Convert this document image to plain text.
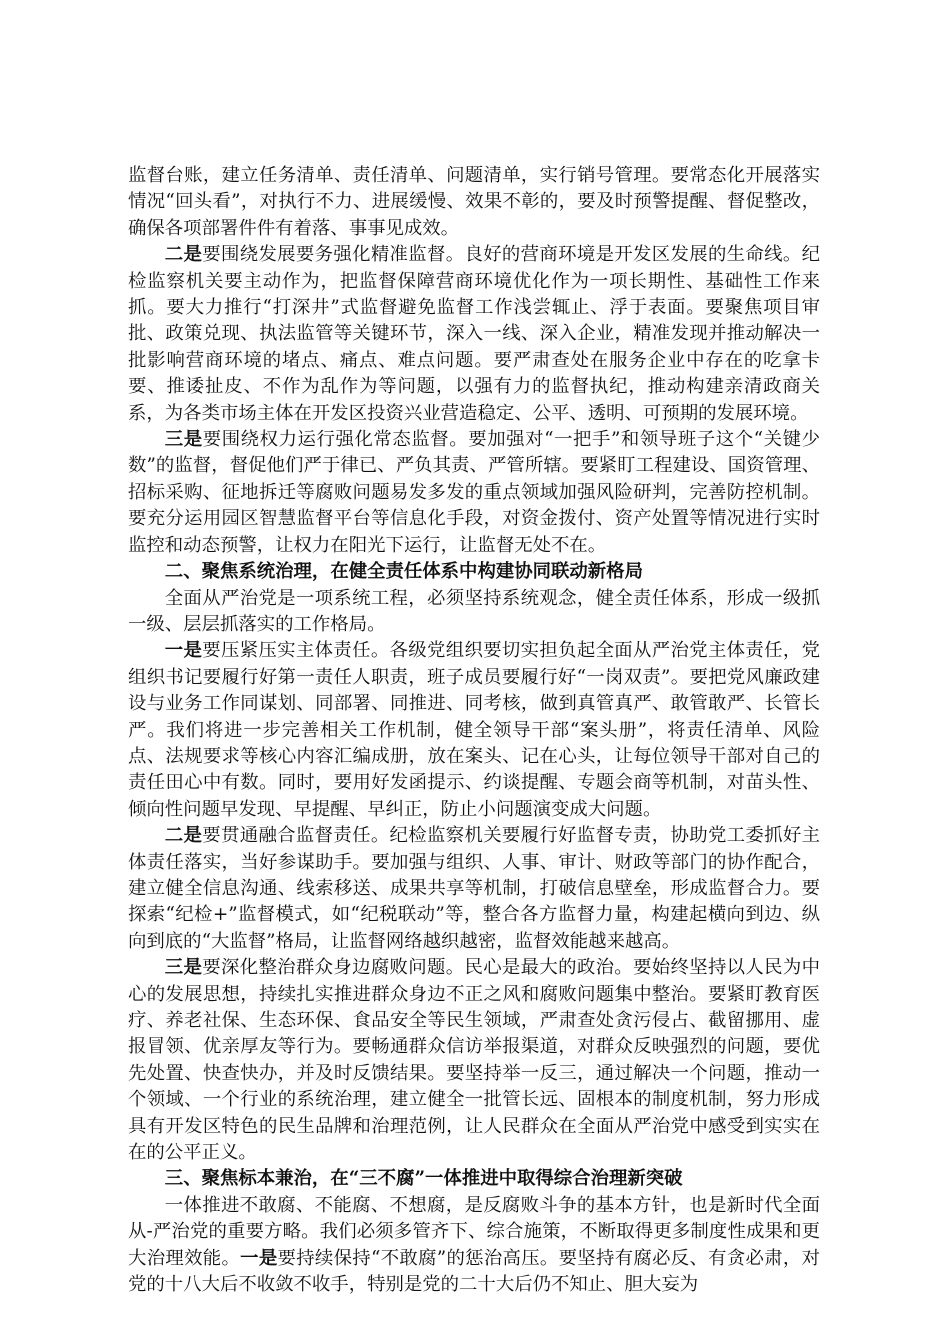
监督台账，建立任务清单、责任清单、问题清单，实行销号管理。要常态化开展落实情况“回头看”，对执行不力、进展缓慢、效果不彰的，要及时预警提醒、督促整改，确保各项部署件件有着落、事事见成效。

二是要围绕发展要务强化精准监督。良好的营商环境是开发区发展的生命线。纪检监察机关要主动作为，把监督保障营商环境优化作为一项长期性、基础性工作来抓。要大力推行“打深井”式监督避免监督工作浅尝辄止、浮于表面。要聚焦项目审批、政策兑现、执法监管等关键环节，深入一线、深入企业，精准发现并推动解决一批影响营商环境的堵点、痛点、难点问题。要严肃查处在服务企业中存在的吃拿卡要、推诿扯皮、不作为乱作为等问题，以强有力的监督执纪，推动构建亲清政商关系，为各类市场主体在开发区投资兴业营造稳定、公平、透明、可预期的发展环境。

三是要围绕权力运行强化常态监督。要加强对“一把手”和领导班子这个“关键少数”的监督，督促他们严于律已、严负其责、严管所辖。要紧盯工程建设、国资管理、招标采购、征地拆迁等腐败问题易发多发的重点领域加强风险研判，完善防控机制。要充分运用园区智慧监督平台等信息化手段，对资金拨付、资产处置等情况进行实时监控和动态预警，让权力在阳光下运行，让监督无处不在。

二、聚焦系统治理，在健全责任体系中构建协同联动新格局

全面从严治党是一项系统工程，必须坚持系统观念，健全责任体系，形成一级抓一级、层层抓落实的工作格局。

一是要压紧压实主体责任。各级党组织要切实担负起全面从严治党主体责任，党组织书记要履行好第一责任人职责，班子成员要履行好“一岗双责”。要把党风廉政建设与业务工作同谋划、同部署、同推进、同考核，做到真管真严、敢管敢严、长管长严。我们将进一步完善相关工作机制，健全领导干部“案头册”，将责任清单、风险点、法规要求等核心内容汇编成册，放在案头、记在心头，让每位领导干部对自己的责任田心中有数。同时，要用好发函提示、约谈提醒、专题会商等机制，对苗头性、倾向性问题早发现、早提醒、早纠正，防止小问题演变成大问题。

二是要贯通融合监督责任。纪检监察机关要履行好监督专责，协助党工委抓好主体责任落实，当好参谋助手。要加强与组织、人事、审计、财政等部门的协作配合，建立健全信息沟通、线索移送、成果共享等机制，打破信息壁垒，形成监督合力。要探索“纪检+”监督模式，如“纪税联动”等，整合各方监督力量，构建起横向到边、纵向到底的“大监督”格局，让监督网络越织越密，监督效能越来越高。

三是要深化整治群众身边腐败问题。民心是最大的政治。要始终坚持以人民为中心的发展思想，持续扎实推进群众身边不正之风和腐败问题集中整治。要紧盯教育医疗、养老社保、生态环保、食品安全等民生领域，严肃查处贪污侵占、截留挪用、虚报冒领、优亲厚友等行为。要畅通群众信访举报渠道，对群众反映强烈的问题，要优先处置、快查快办，并及时反馈结果。要坚持举一反三，通过解决一个问题，推动一个领域、一个行业的系统治理，建立健全一批管长远、固根本的制度机制，努力形成具有开发区特色的民生品牌和治理范例，让人民群众在全面从严治党中感受到实实在在的公平正义。

三、聚焦标本兼治，在“三不腐”一体推进中取得综合治理新突破

一体推进不敢腐、不能腐、不想腐，是反腐败斗争的基本方针，也是新时代全面从-严治党的重要方略。我们必须多管齐下、综合施策，不断取得更多制度性成果和更大治理效能。一是要持续保持“不敢腐”的惩治高压。要坚持有腐必反、有贪必肃，对党的十八大后不收敛不收手，特别是党的二十大后仍不知止、胆大妄为
